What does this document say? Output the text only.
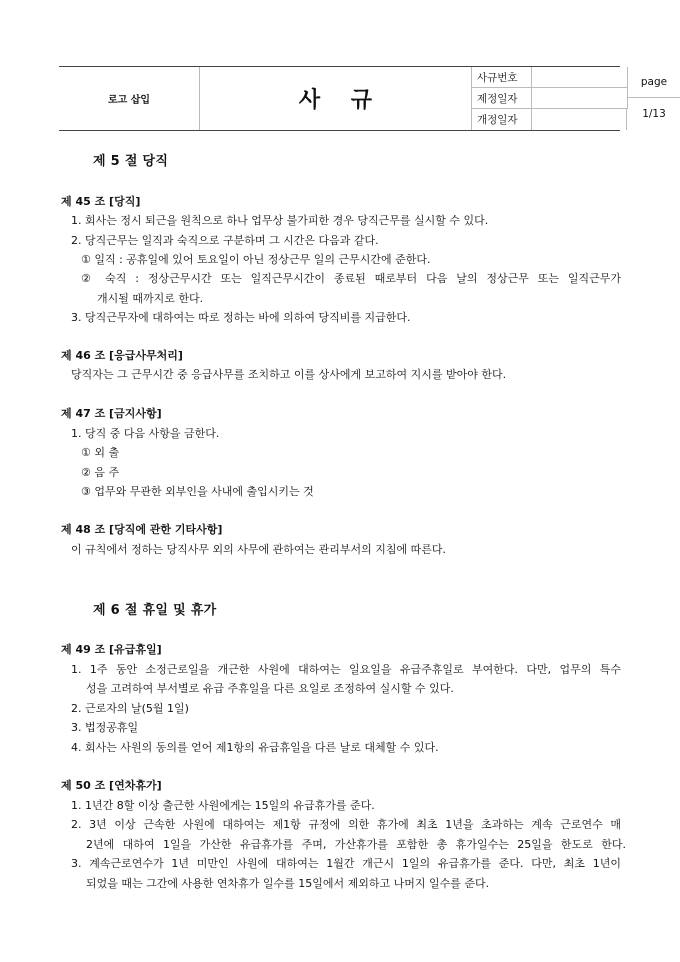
로고 삽입	사    규
사규번호
제정일자
개정일자
page
1/13
제 5 절 당직
제 45 조 [당직]
1. 회사는 정시 퇴근을 원칙으로 하나 업무상 불가피한 경우 당직근무를 실시할 수 있다.
2. 당직근무는 일직과 숙직으로 구분하며 그 시간은 다음과 같다.
① 일직 : 공휴일에 있어 토요일이 아닌 정상근무 일의 근무시간에 준한다.
② 숙직 : 정상근무시간 또는 일직근무시간이 종료된 때로부터 다음 날의 정상근무 또는 일직근무가
개시될 때까지로 한다.
3. 당직근무자에 대하여는 따로 정하는 바에 의하여 당직비를 지급한다.
제 46 조 [응급사무처리]
당직자는 그 근무시간 중 응급사무를 조치하고 이를 상사에게 보고하여 지시를 받아야 한다.
제 47 조 [금지사항]
1. 당직 중 다음 사항을 금한다.
① 외 출
② 음 주
③ 업무와 무관한 외부인을 사내에 출입시키는 것
제 48 조 [당직에 관한 기타사항]
이 규칙에서 정하는 당직사무 외의 사무에 관하여는 관리부서의 지침에 따른다.
제 6 절 휴일 및 휴가
제 49 조 [유급휴일]
1. 1주 동안 소정근로일을 개근한 사원에 대하여는 일요일을 유급주휴일로 부여한다. 다만, 업무의 특수
성을 고려하여 부서별로 유급 주휴일을 다른 요일로 조정하여 실시할 수 있다.
2. 근로자의 날(5월 1일)
3. 법정공휴일
4. 회사는 사원의 동의를 얻어 제1항의 유급휴일을 다른 날로 대체할 수 있다.
제 50 조 [연차휴가]
1. 1년간 8할 이상 출근한 사원에게는 15일의 유급휴가를 준다.
2. 3년 이상 근속한 사원에 대하여는 제1항 규정에 의한 휴가에 최초 1년을 초과하는 계속 근로연수 매
2년에 대하여 1일을 가산한 유급휴가를 주며, 가산휴가를 포함한 총 휴가일수는 25일을 한도로 한다.
3. 계속근로연수가 1년 미만인 사원에 대하여는 1월간 개근시 1일의 유급휴가를 준다. 다만, 최초 1년이
되었을 때는 그간에 사용한 연차휴가 일수를 15일에서 제외하고 나머지 일수를 준다.
